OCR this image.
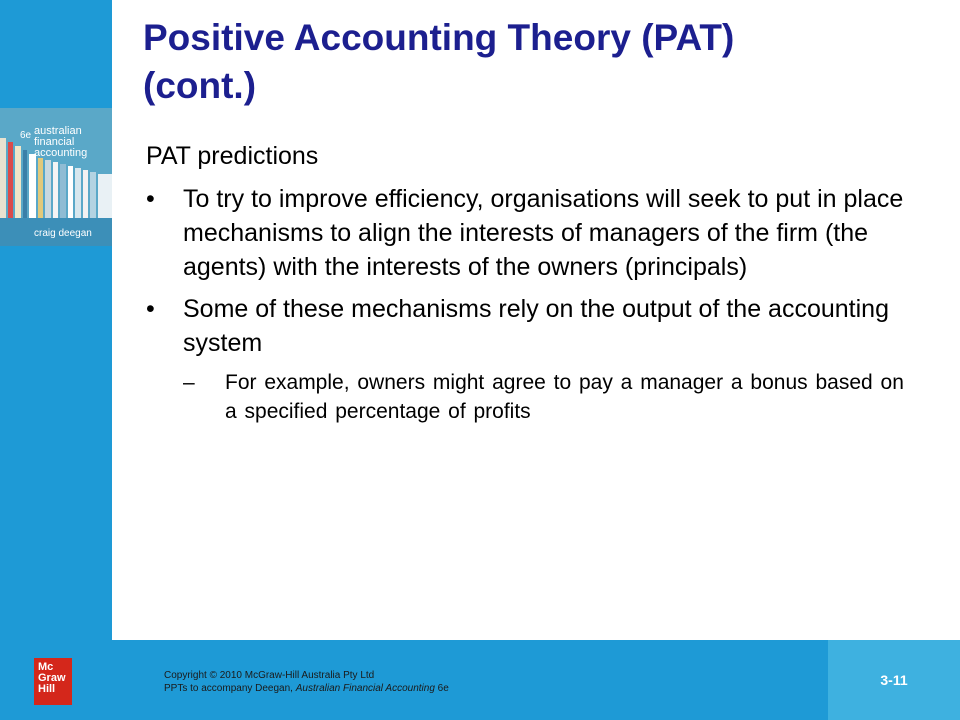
6e australian
financial accounting
craig deegan
Positive Accounting Theory (PAT)
(cont.)
PAT predictions
• To try to improve efficiency, organisations will seek to put in place mechanisms to align the interests of managers of the firm (the agents) with the interests of the owners (principals)
• Some of these mechanisms rely on the output of the accounting system
– For example, owners might agree to pay a manager a bonus based on a specified percentage of profits
Mc
Graw
Hill
Copyright © 2010 McGraw-Hill Australia Pty Ltd
PPTs to accompany Deegan, Australian Financial Accounting 6e
3-11
